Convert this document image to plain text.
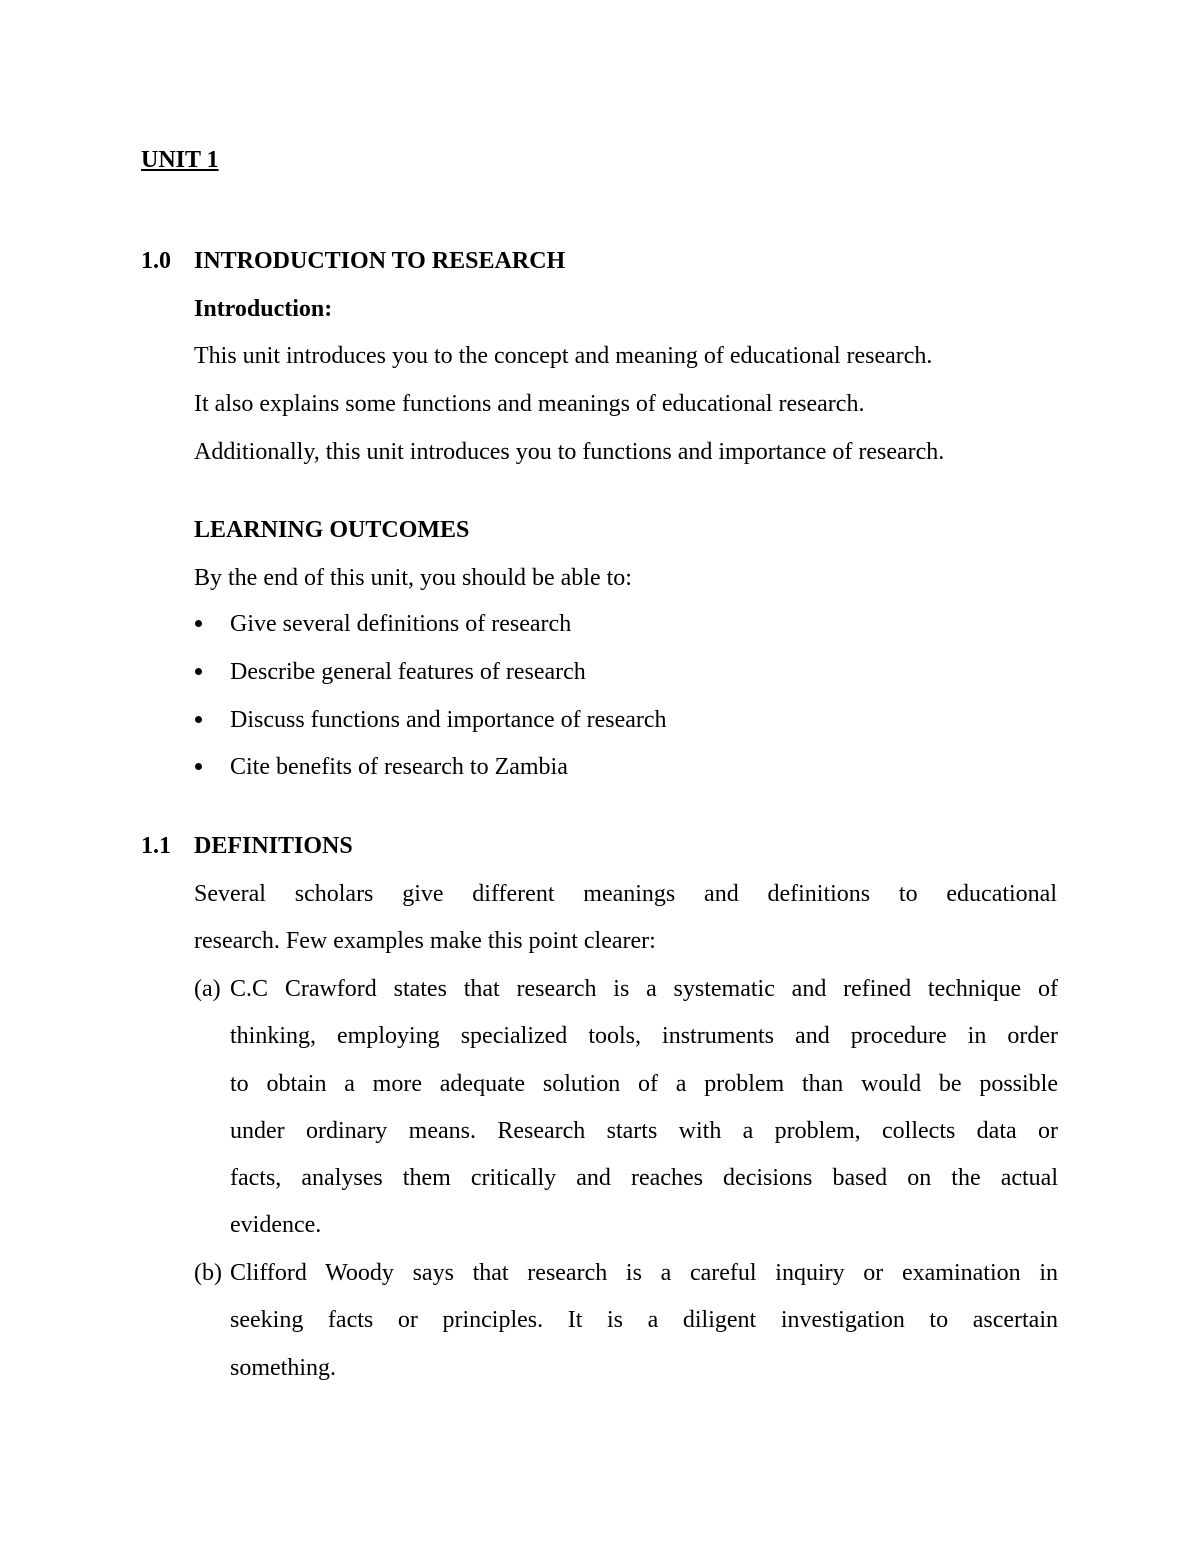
UNIT 1
1.0 INTRODUCTION TO RESEARCH
Introduction:
This unit introduces you to the concept and meaning of educational research.
It also explains some functions and meanings of educational research.
Additionally, this unit introduces you to functions and importance of research.
LEARNING OUTCOMES
By the end of this unit, you should be able to:
Give several definitions of research
Describe general features of research
Discuss functions and importance of research
Cite benefits of research to Zambia
1.1 DEFINITIONS
Several scholars give different meanings and definitions to educational
research. Few examples make this point clearer:
(a) C.C Crawford states that research is a systematic and refined technique of
thinking, employing specialized tools, instruments and procedure in order
to obtain a more adequate solution of a problem than would be possible
under ordinary means. Research starts with a problem, collects data or
facts, analyses them critically and reaches decisions based on the actual
evidence.
(b) Clifford Woody says that research is a careful inquiry or examination in
seeking facts or principles. It is a diligent investigation to ascertain
something.
